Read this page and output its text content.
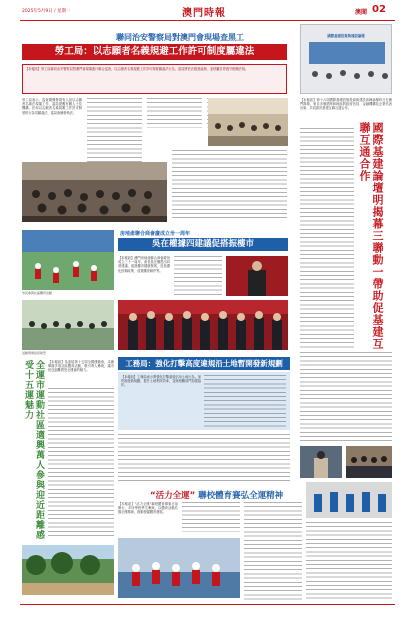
2025年5月9日 / 星期一	澳門時報	澳聞 02
聯同治安警察局對澳門會現場查黑工
勞工局：以志願者名義規避工作許可制度屬違法
【本報訊】勞工局聯同治安警察局對澳門會現場進行聯合巡查，以志願者名義規避工作許可制度屬違法行為，當局將依法跟進處理，並呼籲各界遵守相關法規。
勞工局表示，巡查期間發現有人員以志願者名義在現場工作，當局提醒有關人士及機構，任何以志願者名義規避工作許可制度的行為均屬違法，當局會嚴格執法。
國際基建投資與建設論壇
【本報訊】第十六屆國際基礎設施投資與建設高峰論壇昨日在澳門揭幕，來自多個國家和地區的政府官員、金融機構及企業代表出席，共同探討基建互聯互通合作。
國際基建論壇明揭幕三聯動一帶助促基建互聯互通合作
房地產聯合商會慶成立卅一周年
吳在權據四建議促搭振樓市
【本報訊】澳門房地產聯合商會慶祝成立三十一周年，會長吳在權提出四項建議，促進樓市健康發展，包括優化按揭政策、放寬購房條件等。
市民參與社區體育活動
活動現場氣氛熱烈
全運市運動社區適興萬人參與迎近距離感受十五運魅力	【本報訊】為迎接第十五屆全國運動會，本澳舉辦多項社區體育活動，吸引萬人參與，讓市民近距離感受全運會的魅力。
工務局：強化打擊高度違規沿土地暫開發新規劃
【本報訊】工務局表示將強化打擊違規佔用土地行為，加快推進新規劃，提升土地利用效率，並與相關部門加強協作。
“活力全運” 聯校體育賽弘全運精神
【本報訊】“活力全運”聯校體育賽事日前舉行，多所學校學生參與，以體育活動弘揚全運精神，推動校園體育發展。
